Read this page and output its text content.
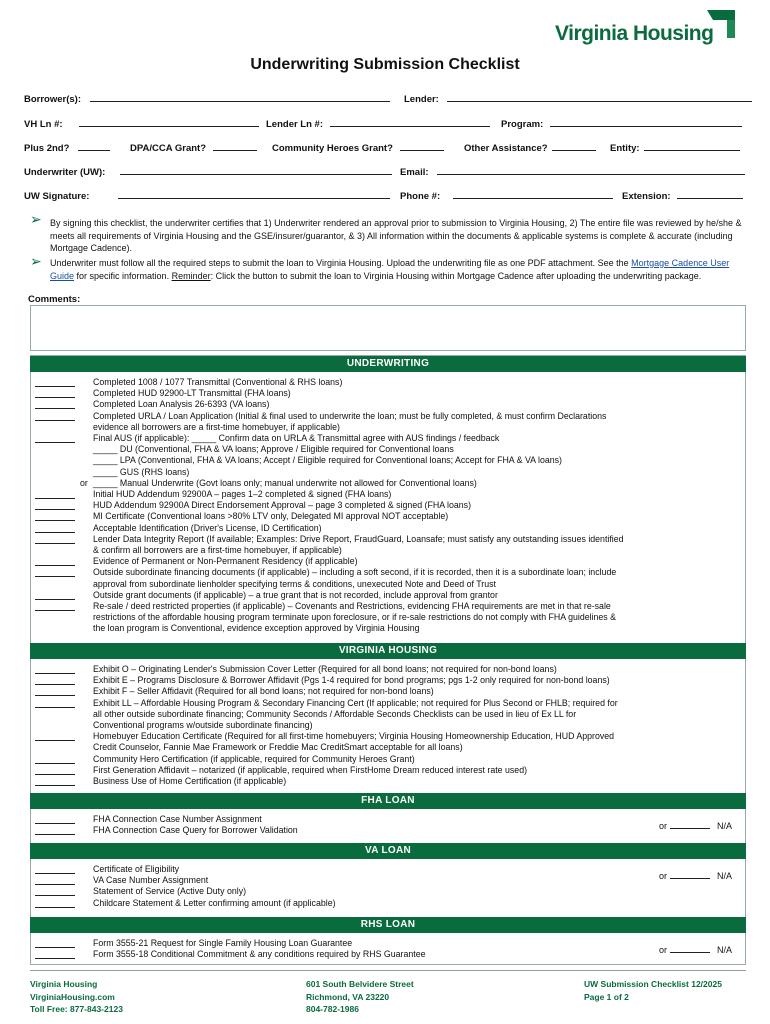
Virginia Housing
Underwriting Submission Checklist
Borrower(s):	Lender:
VH Ln #:	Lender Ln #:	Program:
Plus 2nd?	DPA/CCA Grant?	Community Heroes Grant?	Other Assistance?	Entity:
Underwriter (UW):	Email:
UW Signature:	Phone #:	Extension:
➢ By signing this checklist, the underwriter certifies that 1) Underwriter rendered an approval prior to submission to Virginia Housing, 2) The entire file was reviewed by he/she & meets all requirements of Virginia Housing and the GSE/insurer/guarantor, & 3) All information within the documents & applicable systems is complete & accurate (including Mortgage Cadence).
➢ Underwriter must follow all the required steps to submit the loan to Virginia Housing. Upload the underwriting file as one PDF attachment. See the Mortgage Cadence User Guide for specific information. Reminder: Click the button to submit the loan to Virginia Housing within Mortgage Cadence after uploading the underwriting package.
Comments:
UNDERWRITING
Completed 1008 / 1077 Transmittal (Conventional & RHS loans)
Completed HUD 92900-LT Transmittal (FHA loans)
Completed Loan Analysis 26-6393 (VA loans)
Completed URLA / Loan Application (Initial & final used to underwrite the loan; must be fully completed, & must confirm Declarations
evidence all borrowers are a first-time homebuyer, if applicable)
Final AUS (if applicable): _____ Confirm data on URLA & Transmittal agree with AUS findings / feedback
_____ DU (Conventional, FHA & VA loans; Approve / Eligible required for Conventional loans
_____ LPA (Conventional, FHA & VA loans; Accept / Eligible required for Conventional loans; Accept for FHA & VA loans)
_____ GUS (RHS loans)
_____ Manual Underwrite (Govt loans only; manual underwrite not allowed for Conventional loans)
or
Initial HUD Addendum 92900A – pages 1–2 completed & signed (FHA loans)
HUD Addendum 92900A Direct Endorsement Approval – page 3 completed & signed (FHA loans)
MI Certificate (Conventional loans >80% LTV only, Delegated MI approval NOT acceptable)
Acceptable Identification (Driver's License, ID Certification)
Lender Data Integrity Report (If available; Examples: Drive Report, FraudGuard, Loansafe; must satisfy any outstanding issues identified
& confirm all borrowers are a first-time homebuyer, if applicable)
Evidence of Permanent or Non-Permanent Residency (if applicable)
Outside subordinate financing documents (if applicable) – including a soft second, if it is recorded, then it is a subordinate loan; include
approval from subordinate lienholder specifying terms & conditions, unexecuted Note and Deed of Trust
Outside grant documents (if applicable) – a true grant that is not recorded, include approval from grantor
Re-sale / deed restricted properties (if applicable) – Covenants and Restrictions, evidencing FHA requirements are met in that re-sale
restrictions of the affordable housing program terminate upon foreclosure, or if re-sale restrictions do not comply with FHA guidelines &
the loan program is Conventional, evidence exception approved by Virginia Housing
VIRGINIA HOUSING
Exhibit O – Originating Lender's Submission Cover Letter (Required for all bond loans; not required for non-bond loans)
Exhibit E – Programs Disclosure & Borrower Affidavit (Pgs 1-4 required for bond programs; pgs 1-2 only required for non-bond loans)
Exhibit F – Seller Affidavit (Required for all bond loans; not required for non-bond loans)
Exhibit LL – Affordable Housing Program & Secondary Financing Cert (If applicable; not required for Plus Second or FHLB; required for
all other outside subordinate financing; Community Seconds / Affordable Seconds Checklists can be used in lieu of Ex LL for
Conventional programs w/outside subordinate financing)
Homebuyer Education Certificate (Required for all first-time homebuyers; Virginia Housing Homeownership Education, HUD Approved
Credit Counselor, Fannie Mae Framework or Freddie Mac CreditSmart acceptable for all loans)
Community Hero Certification (if applicable, required for Community Heroes Grant)
First Generation Affidavit – notarized (if applicable, required when FirstHome Dream reduced interest rate used)
Business Use of Home Certification (if applicable)
FHA LOAN
FHA Connection Case Number Assignment
FHA Connection Case Query for Borrower Validation	or	N/A
VA LOAN
Certificate of Eligibility
VA Case Number Assignment
Statement of Service (Active Duty only)
Childcare Statement & Letter confirming amount (if applicable)
or	N/A
RHS LOAN
Form 3555-21 Request for Single Family Housing Loan Guarantee
Form 3555-18 Conditional Commitment & any conditions required by RHS Guarantee	or	N/A
Virginia Housing
VirginiaHousing.com
Toll Free: 877-843-2123
601 South Belvidere Street
Richmond, VA 23220
804-782-1986
UW Submission Checklist 12/2025
Page 1 of 2
